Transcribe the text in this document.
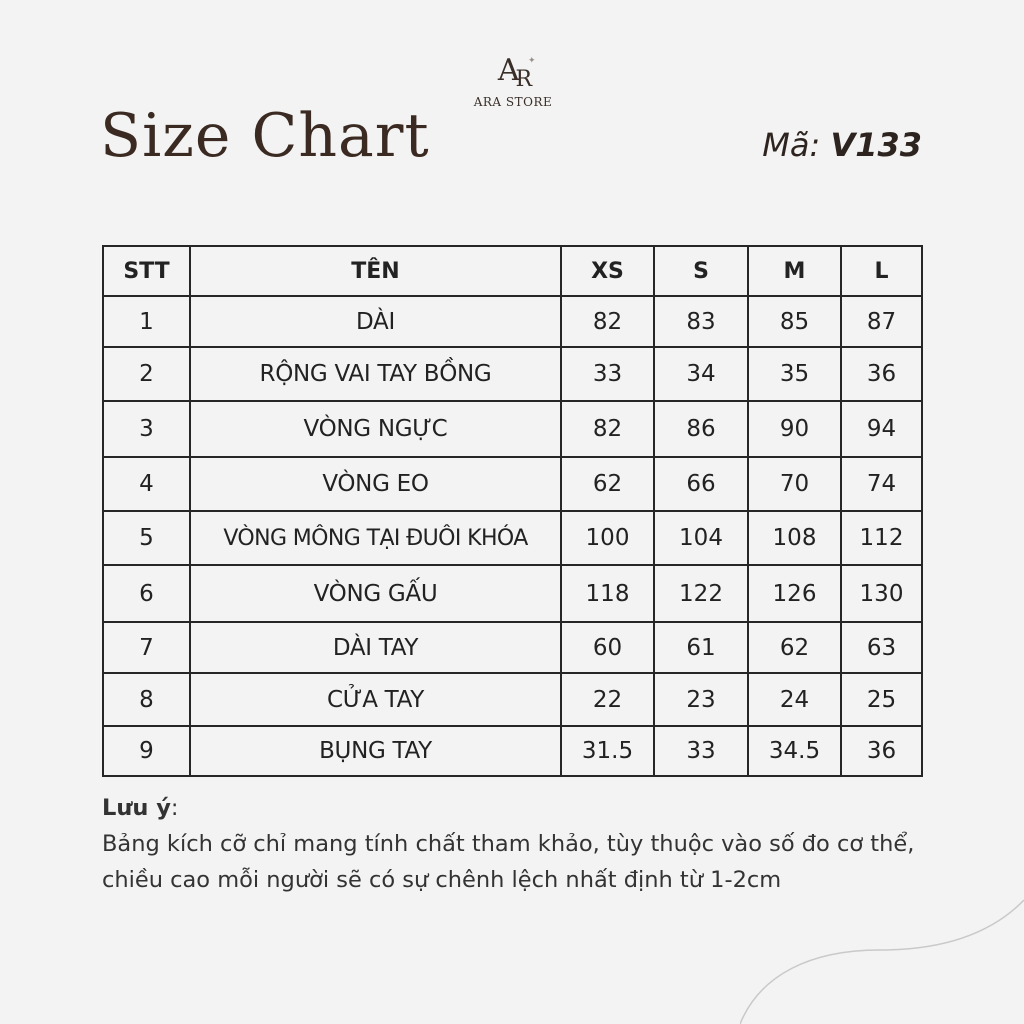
$A_R$
✦
ARA STORE
Size Chart	Mã: V133
STT	TÊN	XS	S	M	L
1	DÀI	82	83	85	87
2	RỘNG VAI TAY BỒNG	33	34	35	36
3	VÒNG NGỰC	82	86	90	94
4	VÒNG EO	62	66	70	74
5	VÒNG MÔNG TẠI ĐUÔI KHÓA	100	104	108	112
6	VÒNG GẤU	118	122	126	130
7	DÀI TAY	60	61	62	63
8	CỬA TAY	22	23	24	25
9	BỤNG TAY	31.5	33	34.5	36
Lưu ý:
Bảng kích cỡ chỉ mang tính chất tham khảo, tùy thuộc vào số đo cơ thể, chiều cao mỗi người sẽ có sự chênh lệch nhất định từ 1-2cm
